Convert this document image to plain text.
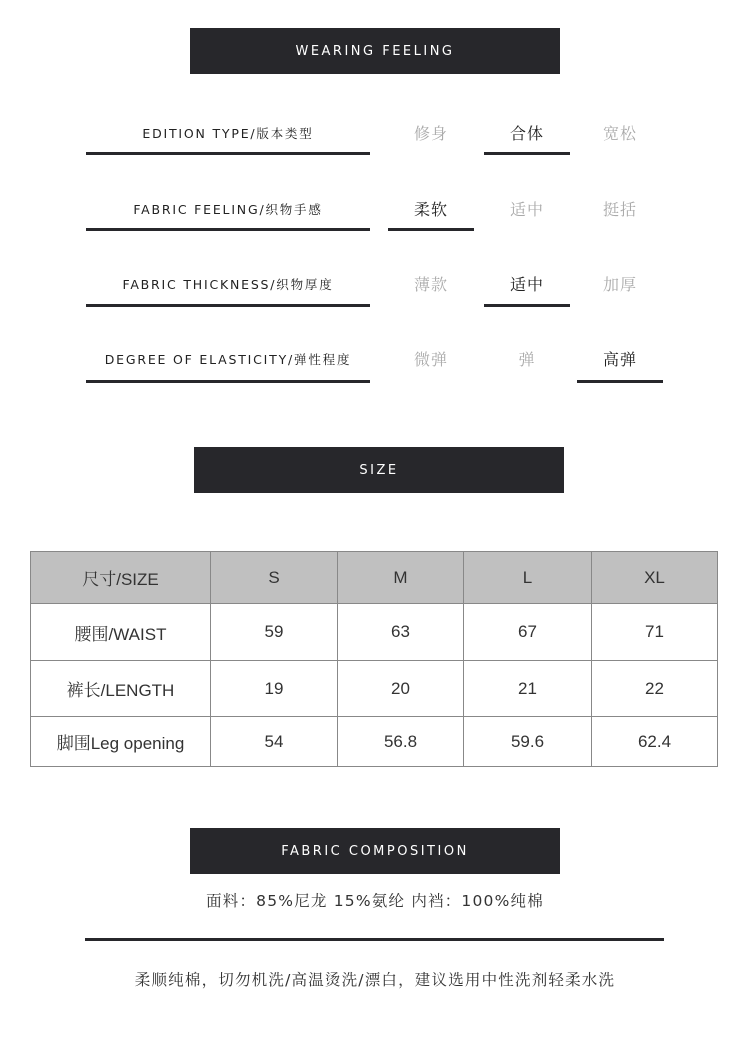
WEARING FEELING
EDITION TYPE/版本类型	修身	合体	宽松
FABRIC FEELING/织物手感	柔软	适中	挺括
FABRIC THICKNESS/织物厚度	薄款	适中	加厚
DEGREE OF ELASTICITY/弹性程度	微弹	弹	高弹
SIZE
尺寸/SIZE	S	M	L	XL
腰围/WAIST	59	63	67	71
裤长/LENGTH	19	20	21	22
脚围Leg opening	54	56.8	59.6	62.4
FABRIC COMPOSITION
面料：85%尼龙 15%氨纶 内裆：100%纯棉
柔顺纯棉，切勿机洗/高温烫洗/漂白，建议选用中性洗剂轻柔水洗
